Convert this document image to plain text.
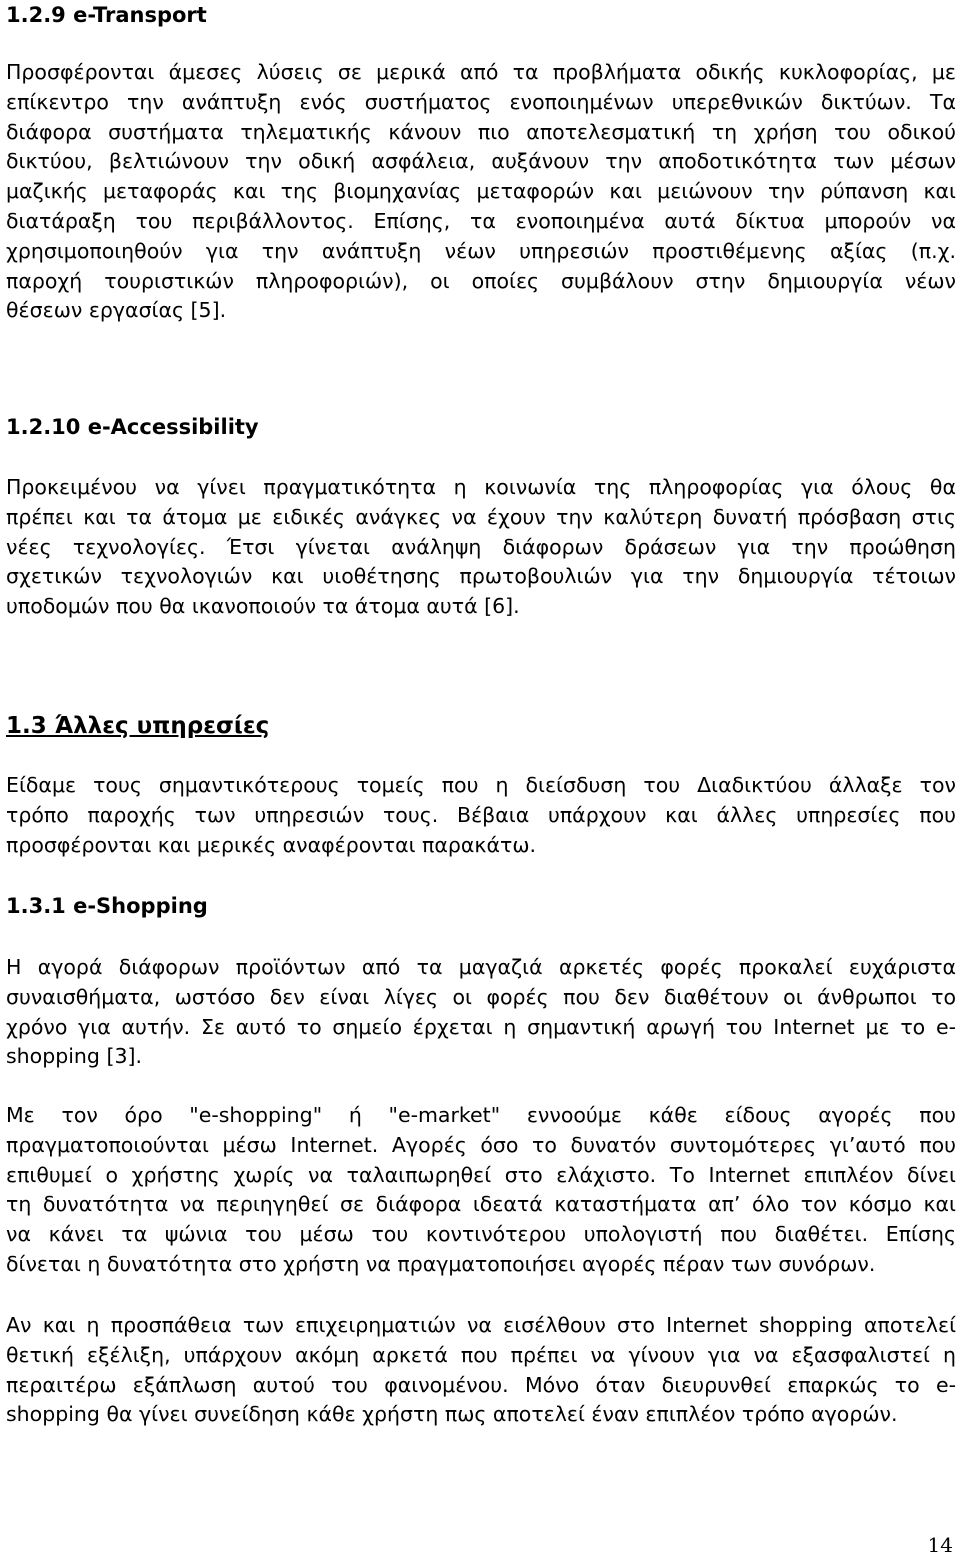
1.2.9 e-Transport

Προσφέρονται άμεσες λύσεις σε μερικά από τα προβλήματα οδικής κυκλοφορίας, με
επίκεντρο την ανάπτυξη ενός συστήματος ενοποιημένων υπερεθνικών δικτύων. Τα
διάφορα συστήματα τηλεματικής κάνουν πιο αποτελεσματική τη χρήση του οδικού
δικτύου, βελτιώνουν την οδική ασφάλεια, αυξάνουν την αποδοτικότητα των μέσων
μαζικής μεταφοράς και της βιομηχανίας μεταφορών και μειώνουν την ρύπανση και
διατάραξη του περιβάλλοντος. Επίσης, τα ενοποιημένα αυτά δίκτυα μπορούν να
χρησιμοποιηθούν για την ανάπτυξη νέων υπηρεσιών προστιθέμενης αξίας (π.χ.
παροχή τουριστικών πληροφοριών), οι οποίες συμβάλουν στην δημιουργία νέων
θέσεων εργασίας [5].

1.2.10 e-Accessibility

Προκειμένου να γίνει πραγματικότητα η κοινωνία της πληροφορίας για όλους θα
πρέπει και τα άτομα με ειδικές ανάγκες να έχουν την καλύτερη δυνατή πρόσβαση στις
νέες τεχνολογίες. Έτσι γίνεται ανάληψη διάφορων δράσεων για την προώθηση
σχετικών τεχνολογιών και υιοθέτησης πρωτοβουλιών για την δημιουργία τέτοιων
υποδομών που θα ικανοποιούν τα άτομα αυτά [6].

1.3 Άλλες υπηρεσίες

Είδαμε τους σημαντικότερους τομείς που η διείσδυση του Διαδικτύου άλλαξε τον
τρόπο παροχής των υπηρεσιών τους. Βέβαια υπάρχουν και άλλες υπηρεσίες που
προσφέρονται και μερικές αναφέρονται παρακάτω.

1.3.1 e-Shopping

Η αγορά διάφορων προϊόντων από τα μαγαζιά αρκετές φορές προκαλεί ευχάριστα
συναισθήματα, ωστόσο δεν είναι λίγες οι φορές που δεν διαθέτουν οι άνθρωποι το
χρόνο για αυτήν. Σε αυτό το σημείο έρχεται η σημαντική αρωγή του Internet με το e-
shopping [3].

Με τον όρο "e-shopping" ή "e-market" εννοούμε κάθε είδους αγορές που
πραγματοποιούνται μέσω Internet. Αγορές όσο το δυνατόν συντομότερες γι’αυτό που
επιθυμεί ο χρήστης χωρίς να ταλαιπωρηθεί στο ελάχιστο. Το Internet επιπλέον δίνει
τη δυνατότητα να περιηγηθεί σε διάφορα ιδεατά καταστήματα απ’ όλο τον κόσμο και
να κάνει τα ψώνια του μέσω του κοντινότερου υπολογιστή που διαθέτει. Επίσης
δίνεται η δυνατότητα στο χρήστη να πραγματοποιήσει αγορές πέραν των συνόρων.

Αν και η προσπάθεια των επιχειρηματιών να εισέλθουν στο Internet shopping αποτελεί
θετική εξέλιξη, υπάρχουν ακόμη αρκετά που πρέπει να γίνουν για να εξασφαλιστεί η
περαιτέρω εξάπλωση αυτού του φαινομένου. Μόνο όταν διευρυνθεί επαρκώς το e-
shopping θα γίνει συνείδηση κάθε χρήστη πως αποτελεί έναν επιπλέον τρόπο αγορών.

14
